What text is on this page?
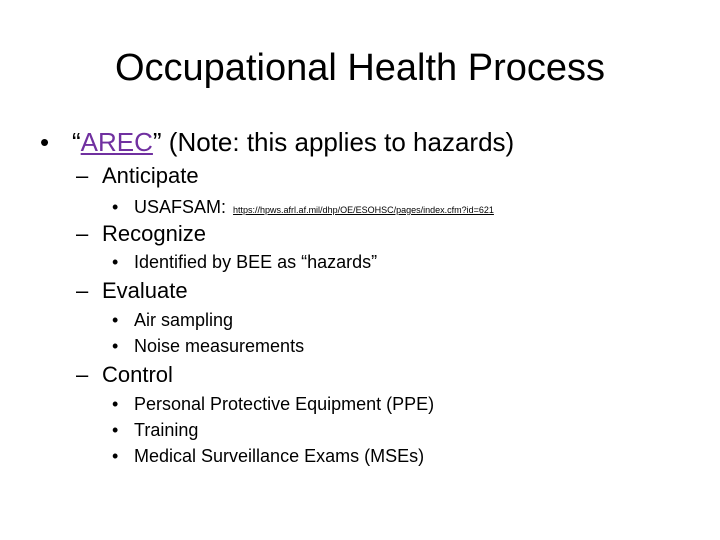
Occupational Health Process
• “AREC” (Note: this applies to hazards)
– Anticipate
• USAFSAM: https://hpws.afrl.af.mil/dhp/OE/ESOHSC/pages/index.cfm?id=621
– Recognize
• Identified by BEE as “hazards”
– Evaluate
• Air sampling
• Noise measurements
– Control
• Personal Protective Equipment (PPE)
• Training
• Medical Surveillance Exams (MSEs)
